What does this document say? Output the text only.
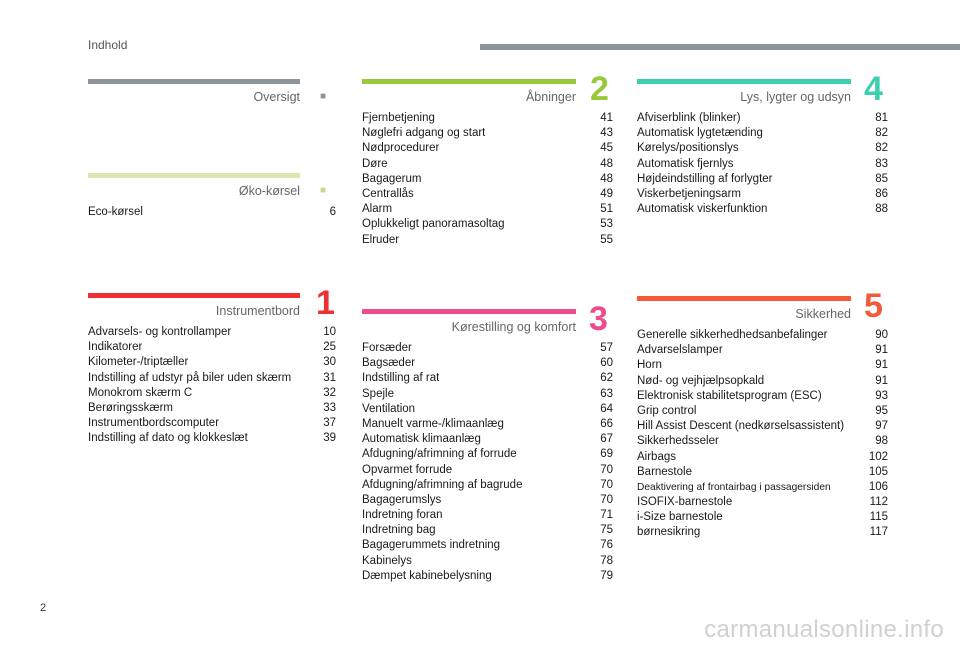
Indhold
Oversigt ■
Øko-kørsel
Eco-kørsel	6
■
Instrumentbord
Advarsels- og kontrollamper	10
Indikatorer	25
Kilometer-/triptæller	30
Indstilling af udstyr på biler uden skærm	31
Monokrom skærm C	32
Berøringsskærm	33
Instrumentbordscomputer	37
Indstilling af dato og klokkeslæt	39
1
Åbninger
Fjernbetjening	41
Nøglefri adgang og start	43
Nødprocedurer	45
Døre	48
Bagagerum	48
Centrallås	49
Alarm	51
Oplukkeligt panoramasoltag	53
Elruder	55
2
Kørestilling og komfort
Forsæder	57
Bagsæder	60
Indstilling af rat	62
Spejle	63
Ventilation	64
Manuelt varme-/klimaanlæg	66
Automatisk klimaanlæg	67
Afdugning/afrimning af forrude	69
Opvarmet forrude	70
Afdugning/afrimning af bagrude	70
Bagagerumslys	70
Indretning foran	71
Indretning bag	75
Bagagerummets indretning	76
Kabinelys	78
Dæmpet kabinebelysning	79
3
Lys, lygter og udsyn
Afviserblink (blinker)	81
Automatisk lygtetænding	82
Kørelys/positionslys	82
Automatisk fjernlys	83
Højdeindstilling af forlygter	85
Viskerbetjeningsarm	86
Automatisk viskerfunktion	88
4
Sikkerhed
Generelle sikkerhedhedsanbefalinger	90
Advarselslamper	91
Horn	91
Nød- og vejhjælpsopkald	91
Elektronisk stabilitetsprogram (ESC)	93
Grip control	95
Hill Assist Descent (nedkørselsassistent)	97
Sikkerhedsseler	98
Airbags	102
Barnestole	105
Deaktivering af frontairbag i passagersiden	106
ISOFIX-barnestole	112
i-Size barnestole	115
børnesikring	117
5
2
carmanualsonline.info
